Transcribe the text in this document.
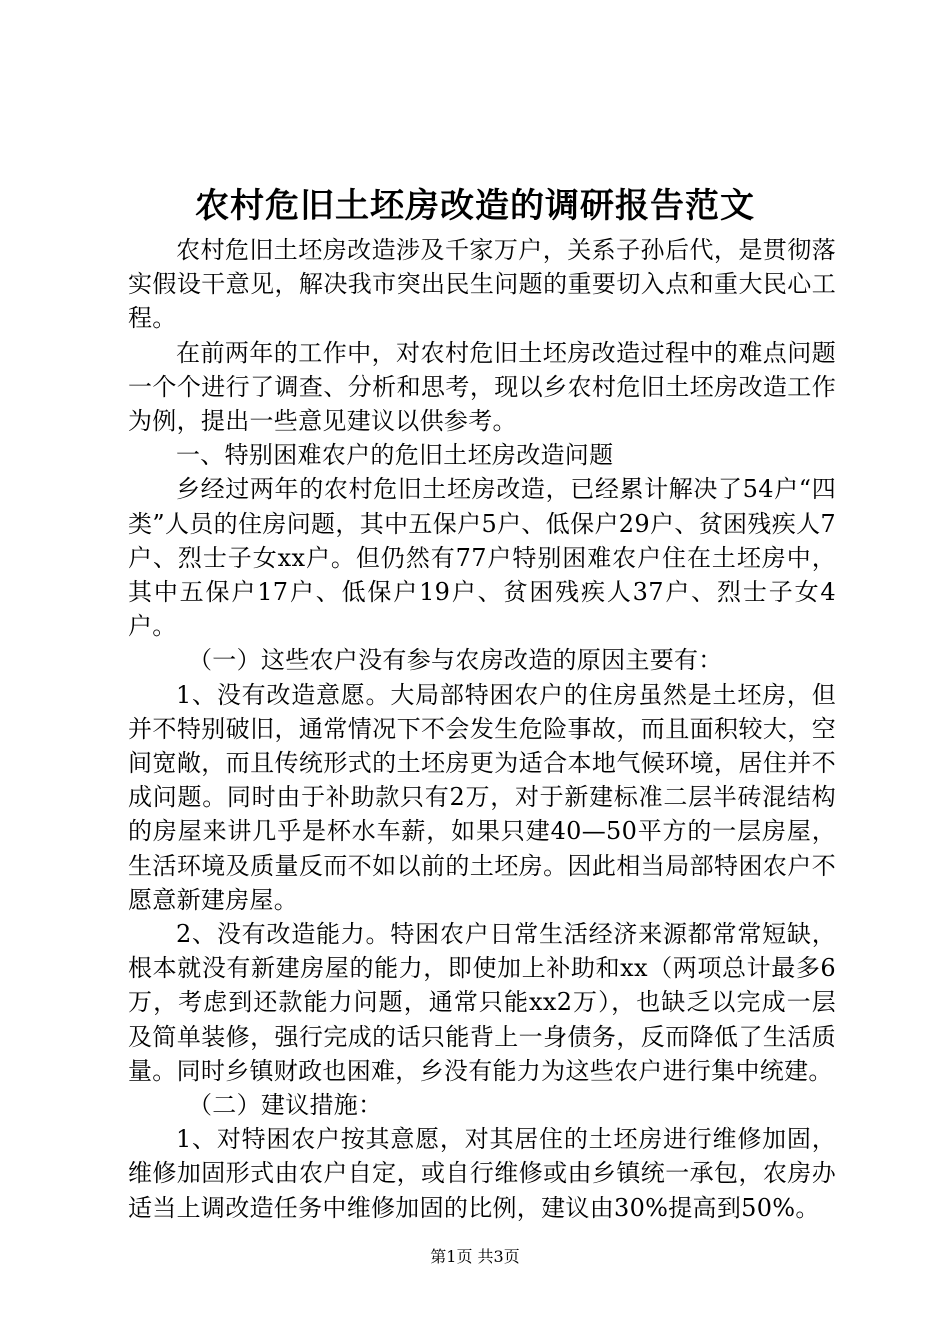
农村危旧土坯房改造的调研报告范文

农村危旧土坯房改造涉及千家万户，关系子孙后代，是贯彻落实假设干意见，解决我市突出民生问题的重要切入点和重大民心工程。

在前两年的工作中，对农村危旧土坯房改造过程中的难点问题一个个进行了调查、分析和思考，现以乡农村危旧土坯房改造工作为例，提出一些意见建议以供参考。

一、特别困难农户的危旧土坯房改造问题

乡经过两年的农村危旧土坯房改造，已经累计解决了54户“四类”人员的住房问题，其中五保户5户、低保户29户、贫困残疾人7户、烈士子女xx户。但仍然有77户特别困难农户住在土坯房中，其中五保户17户、低保户19户、贫困残疾人37户、烈士子女4户。

（一）这些农户没有参与农房改造的原因主要有：

1、没有改造意愿。大局部特困农户的住房虽然是土坯房，但并不特别破旧，通常情况下不会发生危险事故，而且面积较大，空间宽敞，而且传统形式的土坯房更为适合本地气候环境，居住并不成问题。同时由于补助款只有2万，对于新建标准二层半砖混结构的房屋来讲几乎是杯水车薪，如果只建40—50平方的一层房屋，生活环境及质量反而不如以前的土坯房。因此相当局部特困农户不愿意新建房屋。

2、没有改造能力。特困农户日常生活经济来源都常常短缺，根本就没有新建房屋的能力，即使加上补助和xx（两项总计最多6万，考虑到还款能力问题，通常只能xx2万），也缺乏以完成一层及简单装修，强行完成的话只能背上一身债务，反而降低了生活质量。同时乡镇财政也困难，乡没有能力为这些农户进行集中统建。

（二）建议措施：

1、对特困农户按其意愿，对其居住的土坯房进行维修加固，维修加固形式由农户自定，或自行维修或由乡镇统一承包，农房办适当上调改造任务中维修加固的比例，建议由30%提高到50%。

第1页 共3页
